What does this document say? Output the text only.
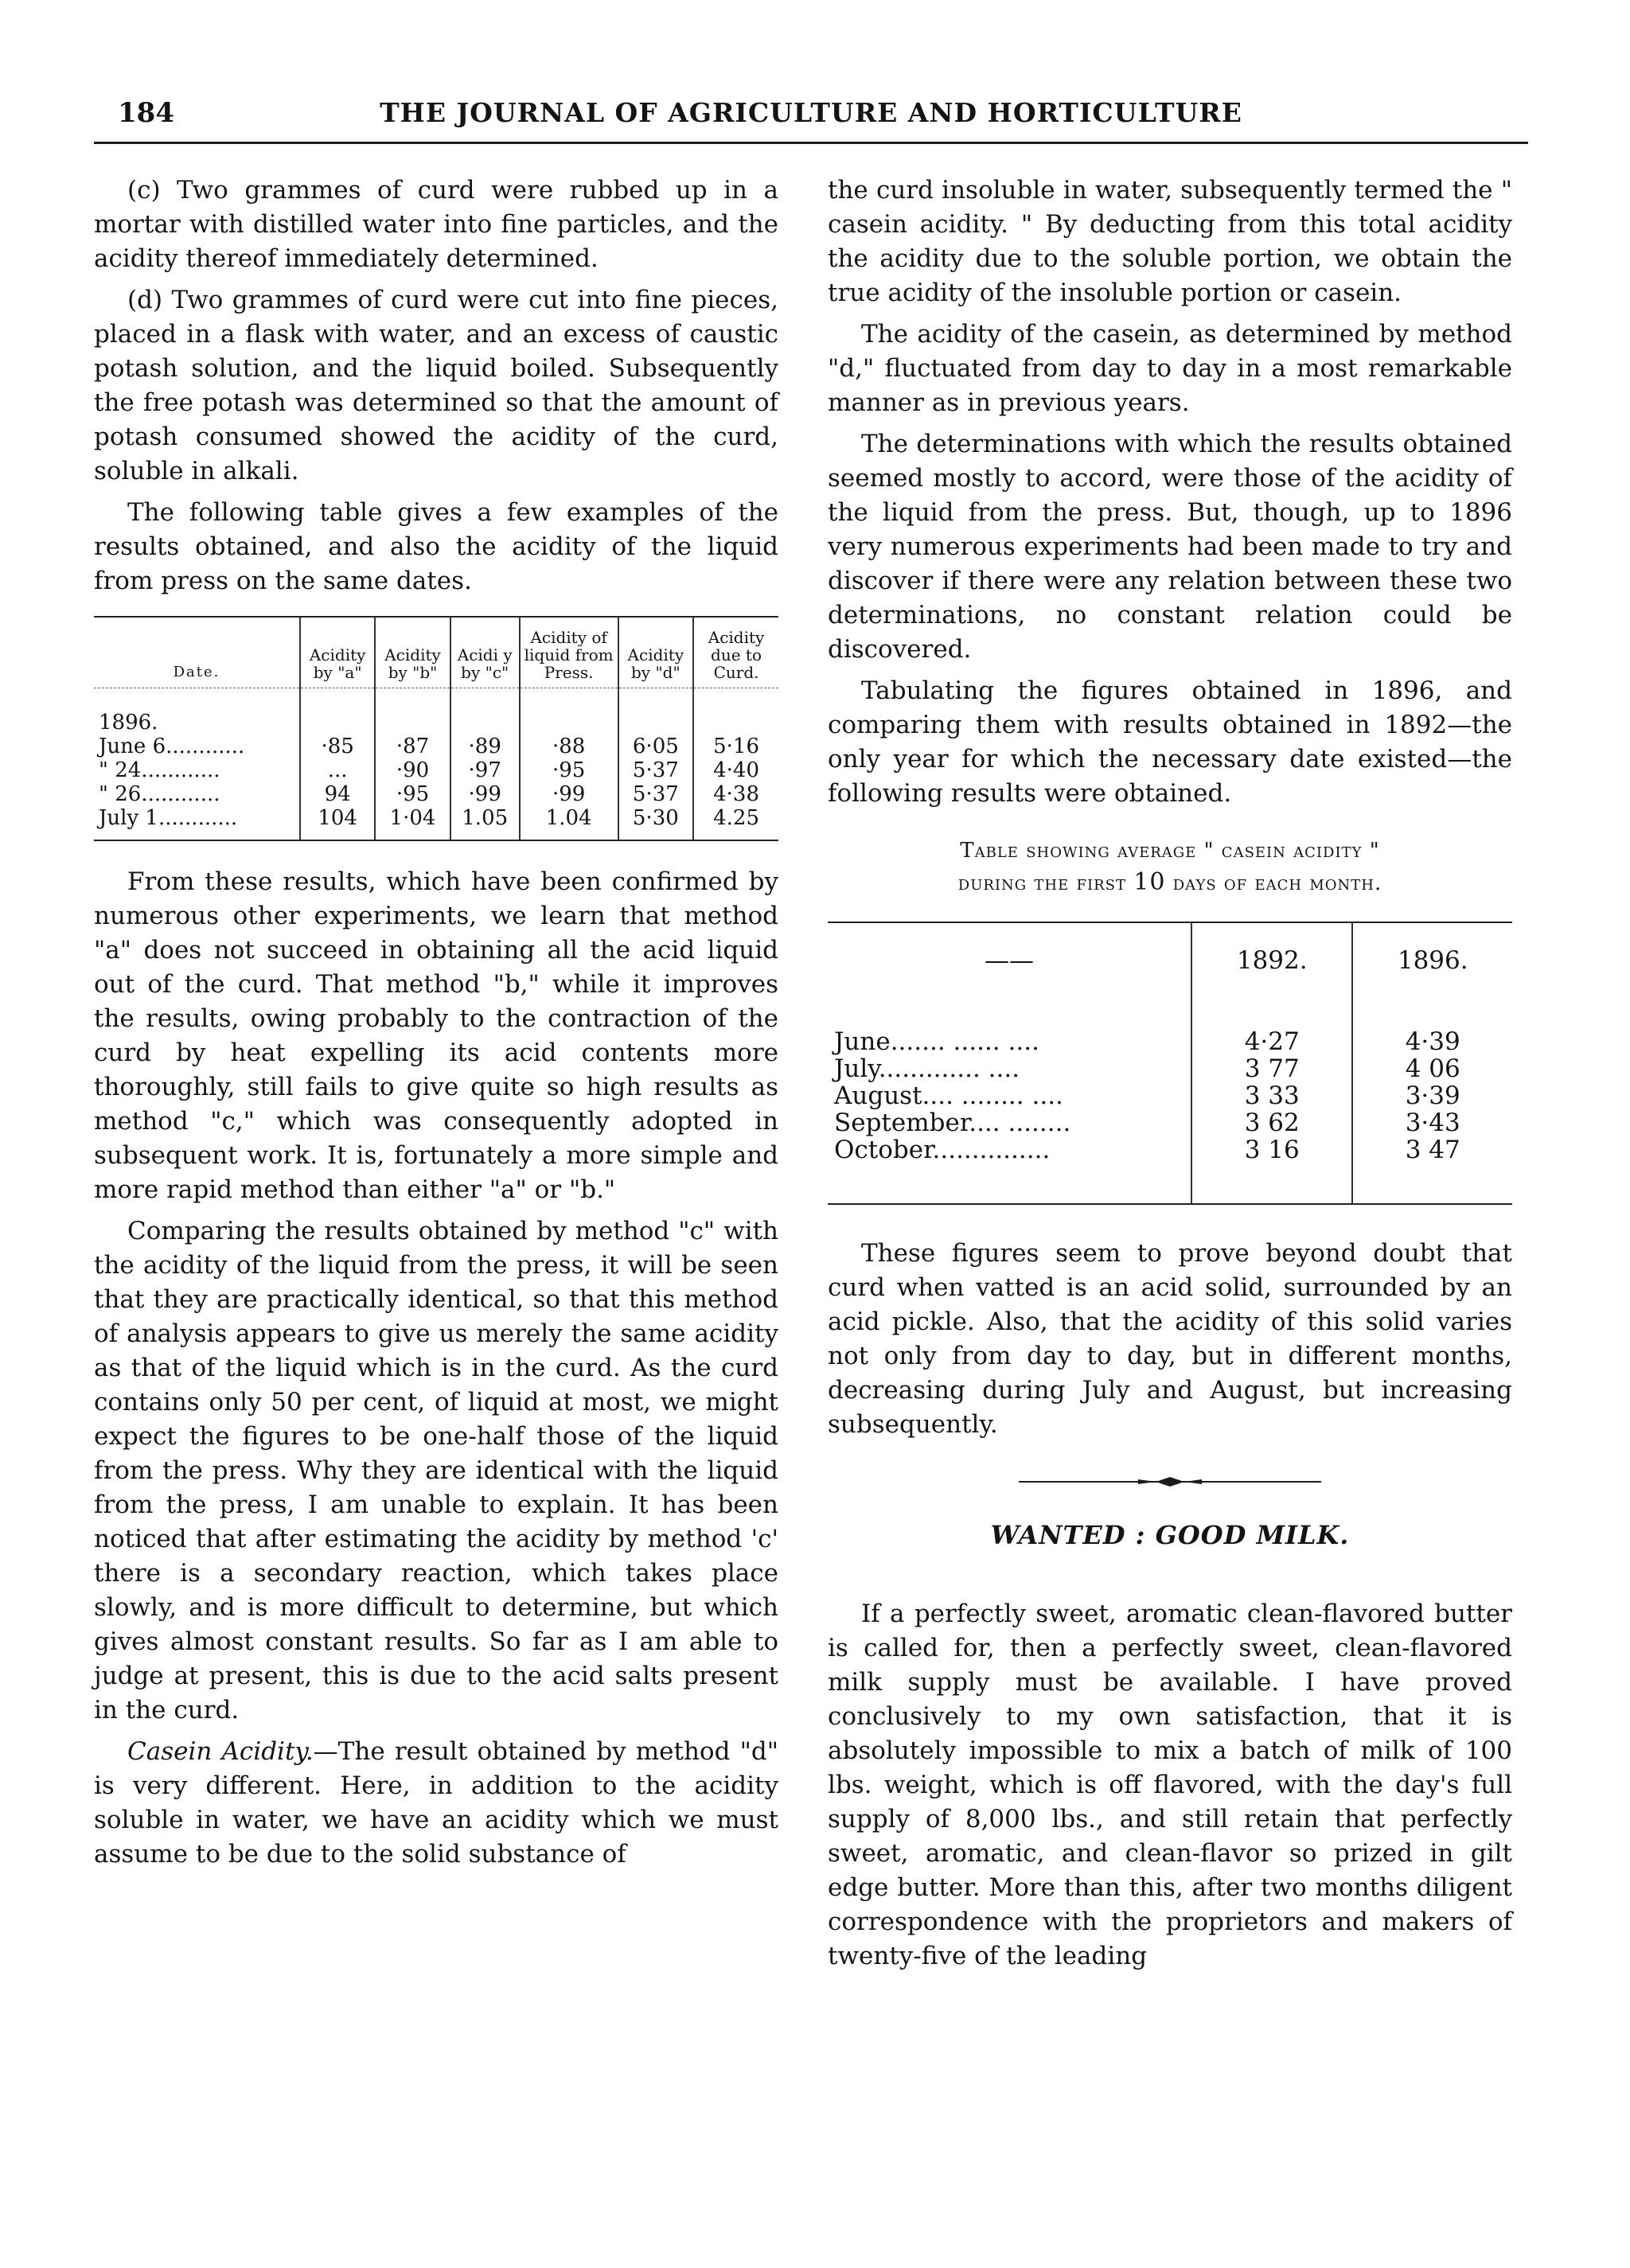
184	THE JOURNAL OF AGRICULTURE AND HORTICULTURE

(c) Two grammes of curd were rubbed up in a mortar with distilled water into fine particles, and the acidity thereof immediately determined.

(d) Two grammes of curd were cut into fine pieces, placed in a flask with water, and an excess of caustic potash solution, and the liquid boiled. Subsequently the free potash was determined so that the amount of potash consumed showed the acidity of the curd, soluble in alkali.

The following table gives a few examples of the results obtained, and also the acidity of the liquid from press on the same dates.

Date.	Acidity by "a"	Acidity by "b"	Acidi y by "c"	Acidity of liquid from Press.	Acidity by "d"	Acidity due to Curd.
1896.						
June 6............	·85	·87	·89	·88	6·05	5·16
" 24............	...	·90	·97	·95	5·37	4·40
" 26............	94	·95	·99	·99	5·37	4·38
July 1............	104	1·04	1.05	1.04	5·30	4.25

From these results, which have been confirmed by numerous other experiments, we learn that method "a" does not succeed in obtaining all the acid liquid out of the curd. That method "b," while it improves the results, owing probably to the contraction of the curd by heat expelling its acid contents more thoroughly, still fails to give quite so high results as method "c," which was consequently adopted in subsequent work. It is, fortunately a more simple and more rapid method than either "a" or "b."

Comparing the results obtained by method "c" with the acidity of the liquid from the press, it will be seen that they are practically identical, so that this method of analysis appears to give us merely the same acidity as that of the liquid which is in the curd. As the curd contains only 50 per cent, of liquid at most, we might expect the figures to be one-half those of the liquid from the press. Why they are identical with the liquid from the press, I am unable to explain. It has been noticed that after estimating the acidity by method 'c' there is a secondary reaction, which takes place slowly, and is more difficult to determine, but which gives almost constant results. So far as I am able to judge at present, this is due to the acid salts present in the curd.

Casein Acidity.—The result obtained by method "d" is very different. Here, in addition to the acidity soluble in water, we have an acidity which we must assume to be due to the solid substance of

the curd insoluble in water, subsequently termed the " casein acidity. " By deducting from this total acidity the acidity due to the soluble portion, we obtain the true acidity of the insoluble portion or casein.

The acidity of the casein, as determined by method "d," fluctuated from day to day in a most remarkable manner as in previous years.

The determinations with which the results obtained seemed mostly to accord, were those of the acidity of the liquid from the press. But, though, up to 1896 very numerous experiments had been made to try and discover if there were any relation between these two determinations, no constant relation could be discovered.

Tabulating the figures obtained in 1896, and comparing them with results obtained in 1892—the only year for which the necessary date existed—the following results were obtained.

Table showing average " casein acidity "
during the first 10 days of each month.
——	1892.	1896.
June....... ...... ....	4·27	4·39
July............. ....	3 77	4 06
August.... ........ ....	3 33	3·39
September.... ........	3 62	3·43
October...............	3 16	3 47

These figures seem to prove beyond doubt that curd when vatted is an acid solid, surrounded by an acid pickle. Also, that the acidity of this solid varies not only from day to day, but in different months, decreasing during July and August, but increasing subsequently.

WANTED : GOOD MILK.

If a perfectly sweet, aromatic clean-flavored butter is called for, then a perfectly sweet, clean-flavored milk supply must be available. I have proved conclusively to my own satisfaction, that it is absolutely impossible to mix a batch of milk of 100 lbs. weight, which is off flavored, with the day's full supply of 8,000 lbs., and still retain that perfectly sweet, aromatic, and clean-flavor so prized in gilt edge butter. More than this, after two months diligent correspondence with the proprietors and makers of twenty-five of the leading
